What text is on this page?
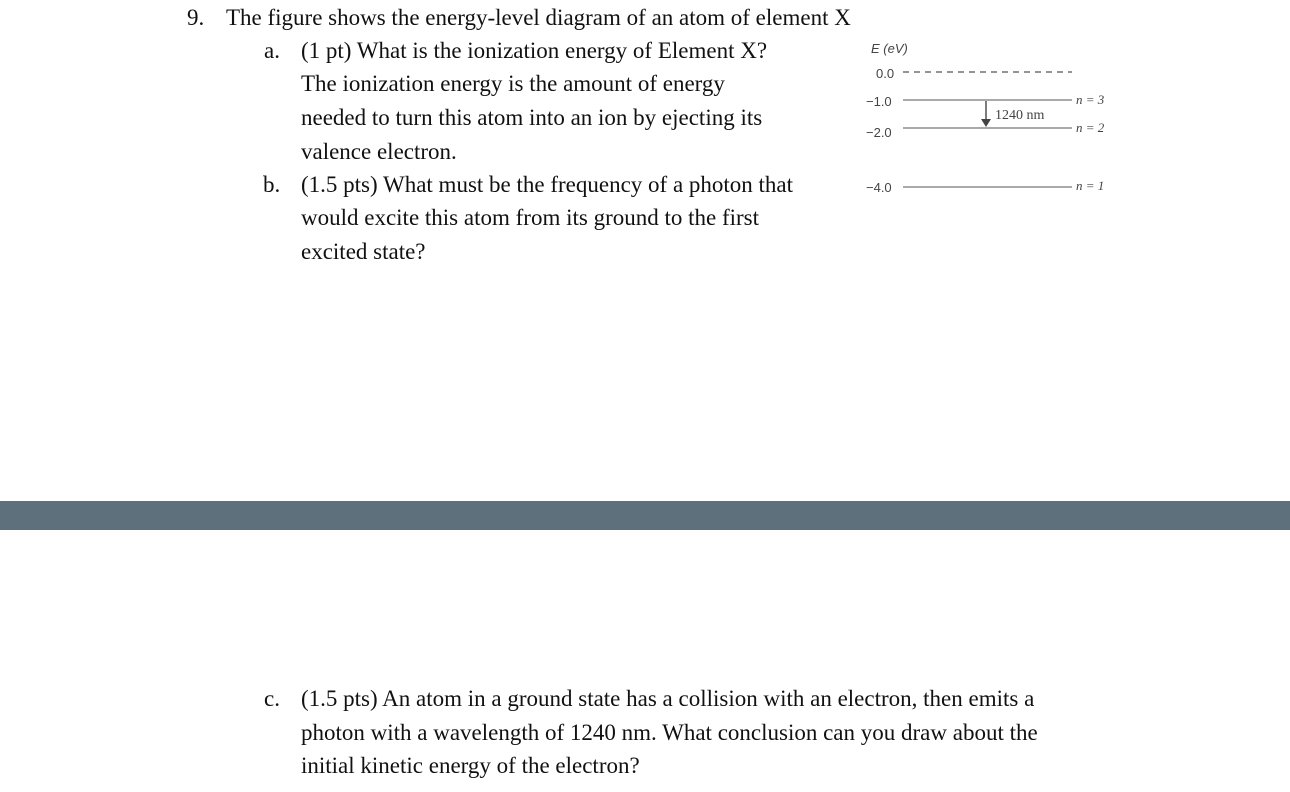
9. The figure shows the energy-level diagram of an atom of element X

a. (1 pt) What is the ionization energy of Element X?

The ionization energy is the amount of energy

needed to turn this atom into an ion by ejecting its

valence electron.

b. (1.5 pts) What must be the frequency of a photon that

would excite this atom from its ground to the first

excited state?

E (eV)
0.0
−1.0
−2.0
−4.0
1240 nm
n = 3
n = 2
n = 1
c. (1.5 pts) An atom in a ground state has a collision with an electron, then emits a

photon with a wavelength of 1240 nm. What conclusion can you draw about the

initial kinetic energy of the electron?
